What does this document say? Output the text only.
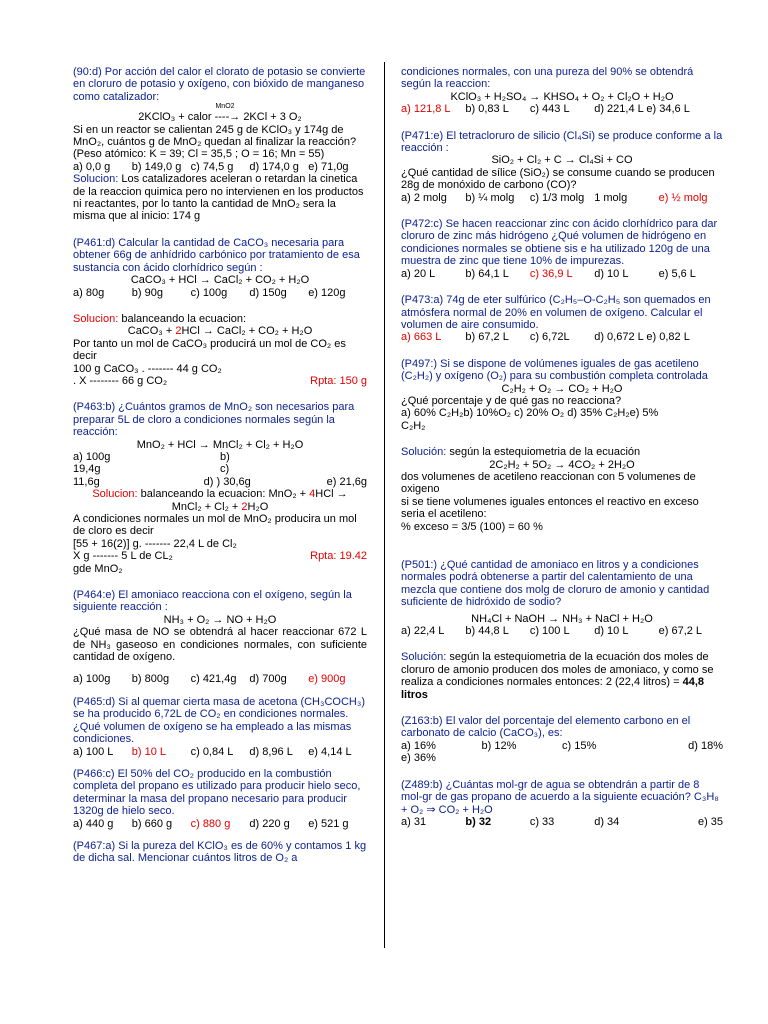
(90:d) Por acción del calor el clorato de potasio se convierte en cloruro de potasio y oxígeno, con bióxido de manganeso como catalizador:
MnO2
2KClO₃ + calor ----→ 2KCl + 3 O₂
Si en un reactor se calientan 245 g de KClO₃ y 174g de MnO₂, cuántos g de MnO₂ quedan al finalizar la reacción? (Peso atómico: K = 39; Cl = 35,5 ; O = 16; Mn = 55)
a) 0,0 g	b) 149,0 g c) 74,5 g	d) 174,0 g e) 71,0g
Solucion: Los catalizadores aceleran o retardan la cinetica de la reaccion quimica pero no intervienen en los productos ni reactantes, por lo tanto la cantidad de MnO₂ sera la misma que al inicio: 174 g
(P461:d) Calcular la cantidad de CaCO₃ necesaria para obtener 66g de anhídrido carbónico por tratamiento de esa sustancia con ácido clorhídrico según :
CaCO₃ + HCl → CaCl₂ + CO₂ + H₂O
a) 80g	b) 90g	c) 100g	d) 150g	e) 120g
Solucion: balanceando la ecuacion:
CaCO₃ + 2HCl → CaCl₂ + CO₂ + H₂O
Por tanto un mol de CaCO₃ producirá un mol de CO₂ es decir
100 g CaCO₃ . ------- 44 g CO₂
. X -------- 66 g CO₂	Rpta: 150 g
(P463:b) ¿Cuántos gramos de MnO₂ son necesarios para preparar 5L de cloro a condiciones normales según la reacción:
MnO₂ + HCl → MnCl₂ + Cl₂ + H₂O
a) 100g	b)
19,4g	c)
11,6g	d) ) 30,6g	e) 21,6g
Solucion: balanceando la ecuacion: MnO₂ + 4HCl →
MnCl₂ + Cl₂ + 2H₂O
A condiciones normales un mol de MnO₂ producira un mol de cloro es decir
[55 + 16(2)] g. ------- 22,4 L de Cl₂
X g ------- 5 L de CL₂	Rpta: 19.42
gde MnO₂
(P464:e) El amoniaco reacciona con el oxígeno, según la siguiente reacción :
NH₃ + O₂ → NO + H₂O
¿Qué masa de NO se obtendrá al hacer reaccionar 672 L de NH₃ gaseoso en condiciones normales, con suficiente cantidad de oxígeno.
a) 100g	b) 800g	c) 421,4g	d) 700g	e) 900g
(P465:d) Si al quemar cierta masa de acetona (CH₃COCH₃) se ha producido 6,72L de CO₂ en condiciones normales. ¿Qué volumen de oxígeno se ha empleado a las mismas condiciones.
a) 100 L	b) 10 L	c) 0,84 L	d) 8,96 L	e) 4,14 L
(P466:c) El 50% del CO₂ producido en la combustión completa del propano es utilizado para producir hielo seco, determinar la masa del propano necesario para producir 1320g de hielo seco.
a) 440 g	b) 660 g	c) 880 g	d) 220 g	e) 521 g
(P467:a) Si la pureza del KClO₃ es de 60% y contamos 1 kg de dicha sal. Mencionar cuántos litros de O₂ a
condiciones normales, con una pureza del 90% se obtendrá según la reaccion:
KClO₃ + H₂SO₄ → KHSO₄ + O₂ + Cl₂O + H₂O
a) 121,8 L	b) 0,83 L	c) 443 L	d) 221,4 L e) 34,6 L
(P471:e) El tetracloruro de silicio (Cl₄Si) se produce conforme a la reacción :
SiO₂ + Cl₂ + C → Cl₄Si + CO
¿Qué cantidad de sílice (SiO₂) se consume cuando se producen 28g de monóxido de carbono (CO)?
a) 2 molg	b) ¼ molg	c) 1/3 molg 1 molg	e) ½ molg
(P472:c) Se hacen reaccionar zinc con ácido clorhídrico para dar cloruro de zinc más hidrógeno ¿Qué volumen de hidrógeno en condiciones normales se obtiene sis e ha utilizado 120g de una muestra de zinc que tiene 10% de impurezas.
a) 20 L	b) 64,1 L	c) 36,9 L	d) 10 L	e) 5,6 L
(P473:a) 74g de eter sulfúrico (C₂H₅–O-C₂H₅ son quemados en atmósfera normal de 20% en volumen de oxígeno. Calcular el volumen de aire consumido.
a) 663 L	b) 67,2 L	c) 6,72L	d) 0,672 L e) 0,82 L
(P497:) Si se dispone de volúmenes iguales de gas acetileno (C₂H₂) y oxígeno (O₂) para su combustión completa controlada
C₂H₂ + O₂ → CO₂ + H₂O
¿Qué porcentaje y de qué gas no reacciona?
a) 60% C₂H₂b) 10%O₂ c) 20% O₂ d) 35% C₂H₂e) 5%
C₂H₂
Solución: según la estequiometria de la ecuación
2C₂H₂ + 5O₂ → 4CO₂ + 2H₂O
dos volumenes de acetileno reaccionan con 5 volumenes de oxigeno
si se tiene volumenes iguales entonces el reactivo en exceso seria el acetileno:
% exceso = 3/5 (100) = 60 %
(P501:) ¿Qué cantidad de amoniaco en litros y a condiciones normales podrá obtenerse a partir del calentamiento de una mezcla que contiene dos molg de cloruro de amonio y cantidad suficiente de hidróxido de sodio?
NH₄Cl + NaOH → NH₃ + NaCl + H₂O
a) 22,4 L	b) 44,8 L	c) 100 L	d) 10 L	e) 67,2 L
Solución: según la estequiometria de la ecuación dos moles de cloruro de amonio producen dos moles de amoniaco, y como se realiza a condiciones normales entonces: 2 (22,4 litros) = 44,8 litros
(Z163:b) El valor del porcentaje del elemento carbono en el carbonato de calcio (CaCO₃), es:
a) 16%	b) 12%	c) 15%	d) 18%
e) 36%
(Z489:b) ¿Cuántas mol-gr de agua se obtendrán a partir de 8 mol-gr de gas propano de acuerdo a la siguiente ecuación? C₃H₈ + O₂ ⇒ CO₂ + H₂O
a) 31	b) 32	c) 33	d) 34	e) 35
